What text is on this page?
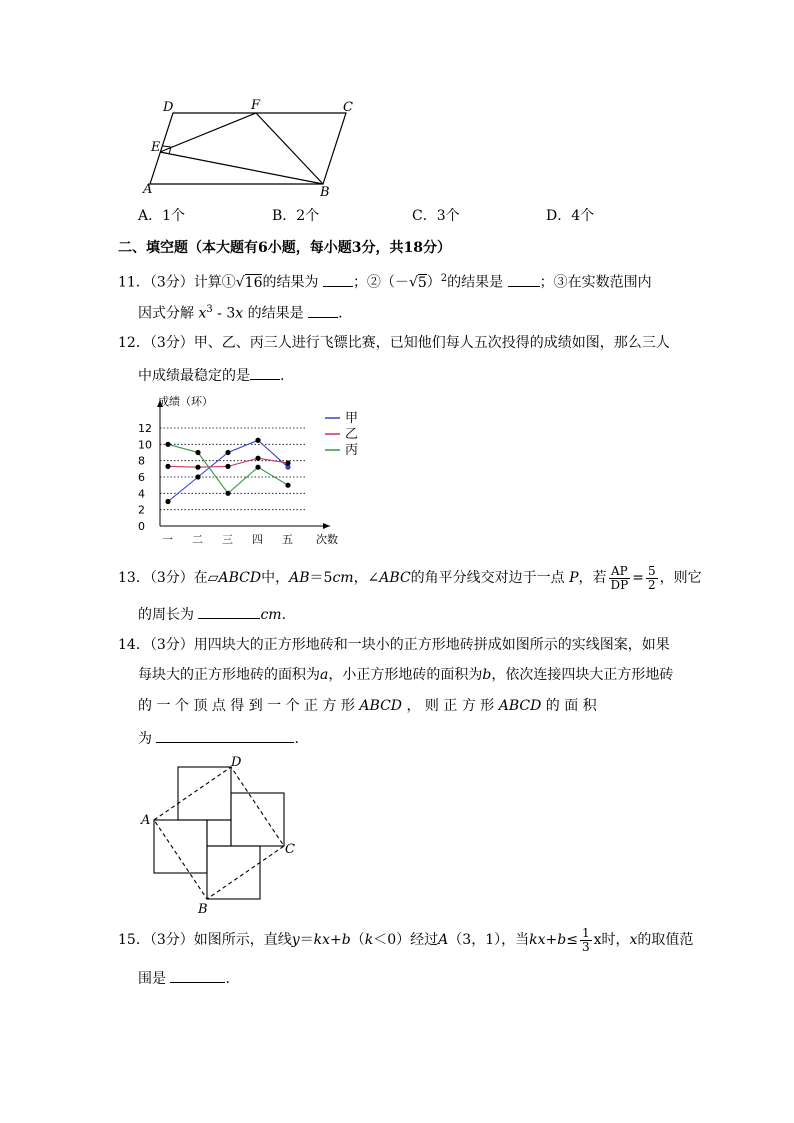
D	F	C
E
A	B
A．1个	B．2个	C．3个	D．4个
二、填空题（本大题有6小题，每小题3分，共18分）
11．（3分）计算①√16的结果为 ；$②(-√5)^2$的结果是	；③在实数范围内
因式分解 $x^3 - 3x$ 的结果是 .
12．（3分）甲、乙、丙三人进行飞镖比赛，已知他们每人五次投得的成绩如图，那么三人
中成绩最稳定的是 .
0
2
4
6
8
10
12
一 二 三 四 五 次数
成绩（环）
甲
乙
丙
13．（3分）在▱ABCD中，AB＝5cm，∠ABC的角平分线交对边于一点 P，若 $\frac{AP}{DP} = \frac{5}{2}$ ，则它
的周长为	cm.
14．（3分）用四块大的正方形地砖和一块小的正方形地砖拼成如图所示的实线图案，如果
每块大的正方形地砖的面积为a，小正方形地砖的面积为b，依次连接四块大正方形地砖
的 一 个 顶 点 得 到 一 个 正 方 形 ABCD ， 则 正 方 形 ABCD 的 面 积
为	.
A
B
C
D
15．（3分）如图所示，直线y＝kx+b（k＜0）经过A（3，1），当$kx+b\le \frac{1}{3}$ x时，x的取值范
围是	.
